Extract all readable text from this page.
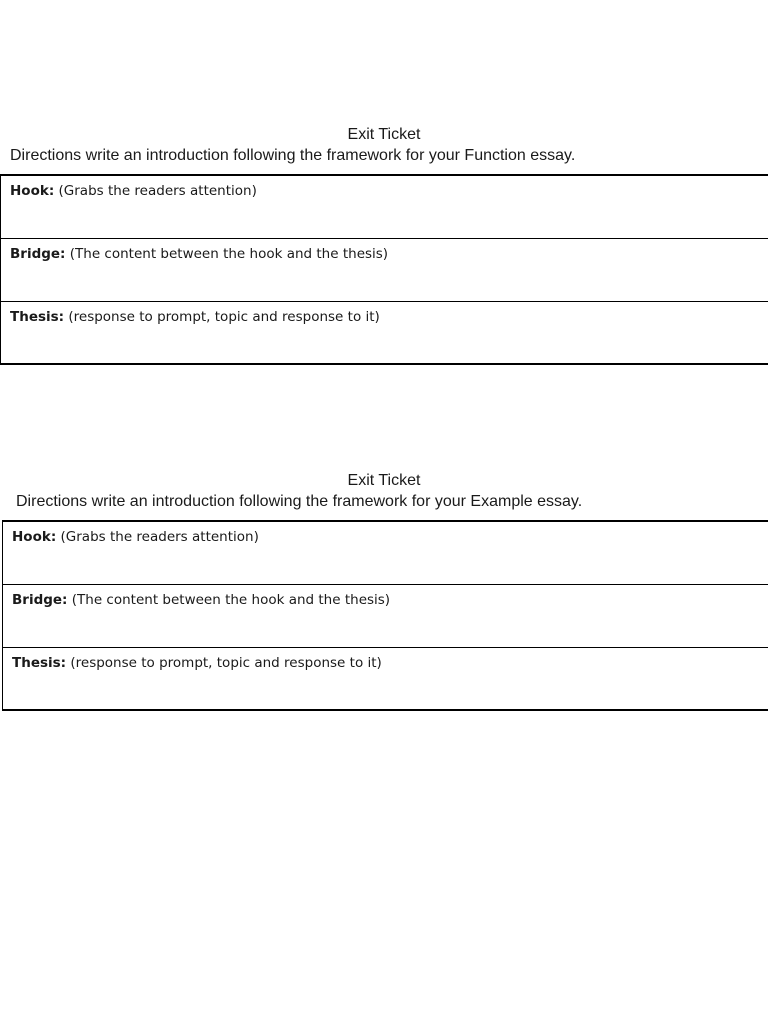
Exit Ticket

Directions write an introduction following the framework for your Function essay.

Hook: (Grabs the readers attention)
Bridge: (The content between the hook and the thesis)
Thesis: (response to prompt, topic and response to it)
Exit Ticket

Directions write an introduction following the framework for your Example essay.

Hook: (Grabs the readers attention)
Bridge: (The content between the hook and the thesis)
Thesis: (response to prompt, topic and response to it)
